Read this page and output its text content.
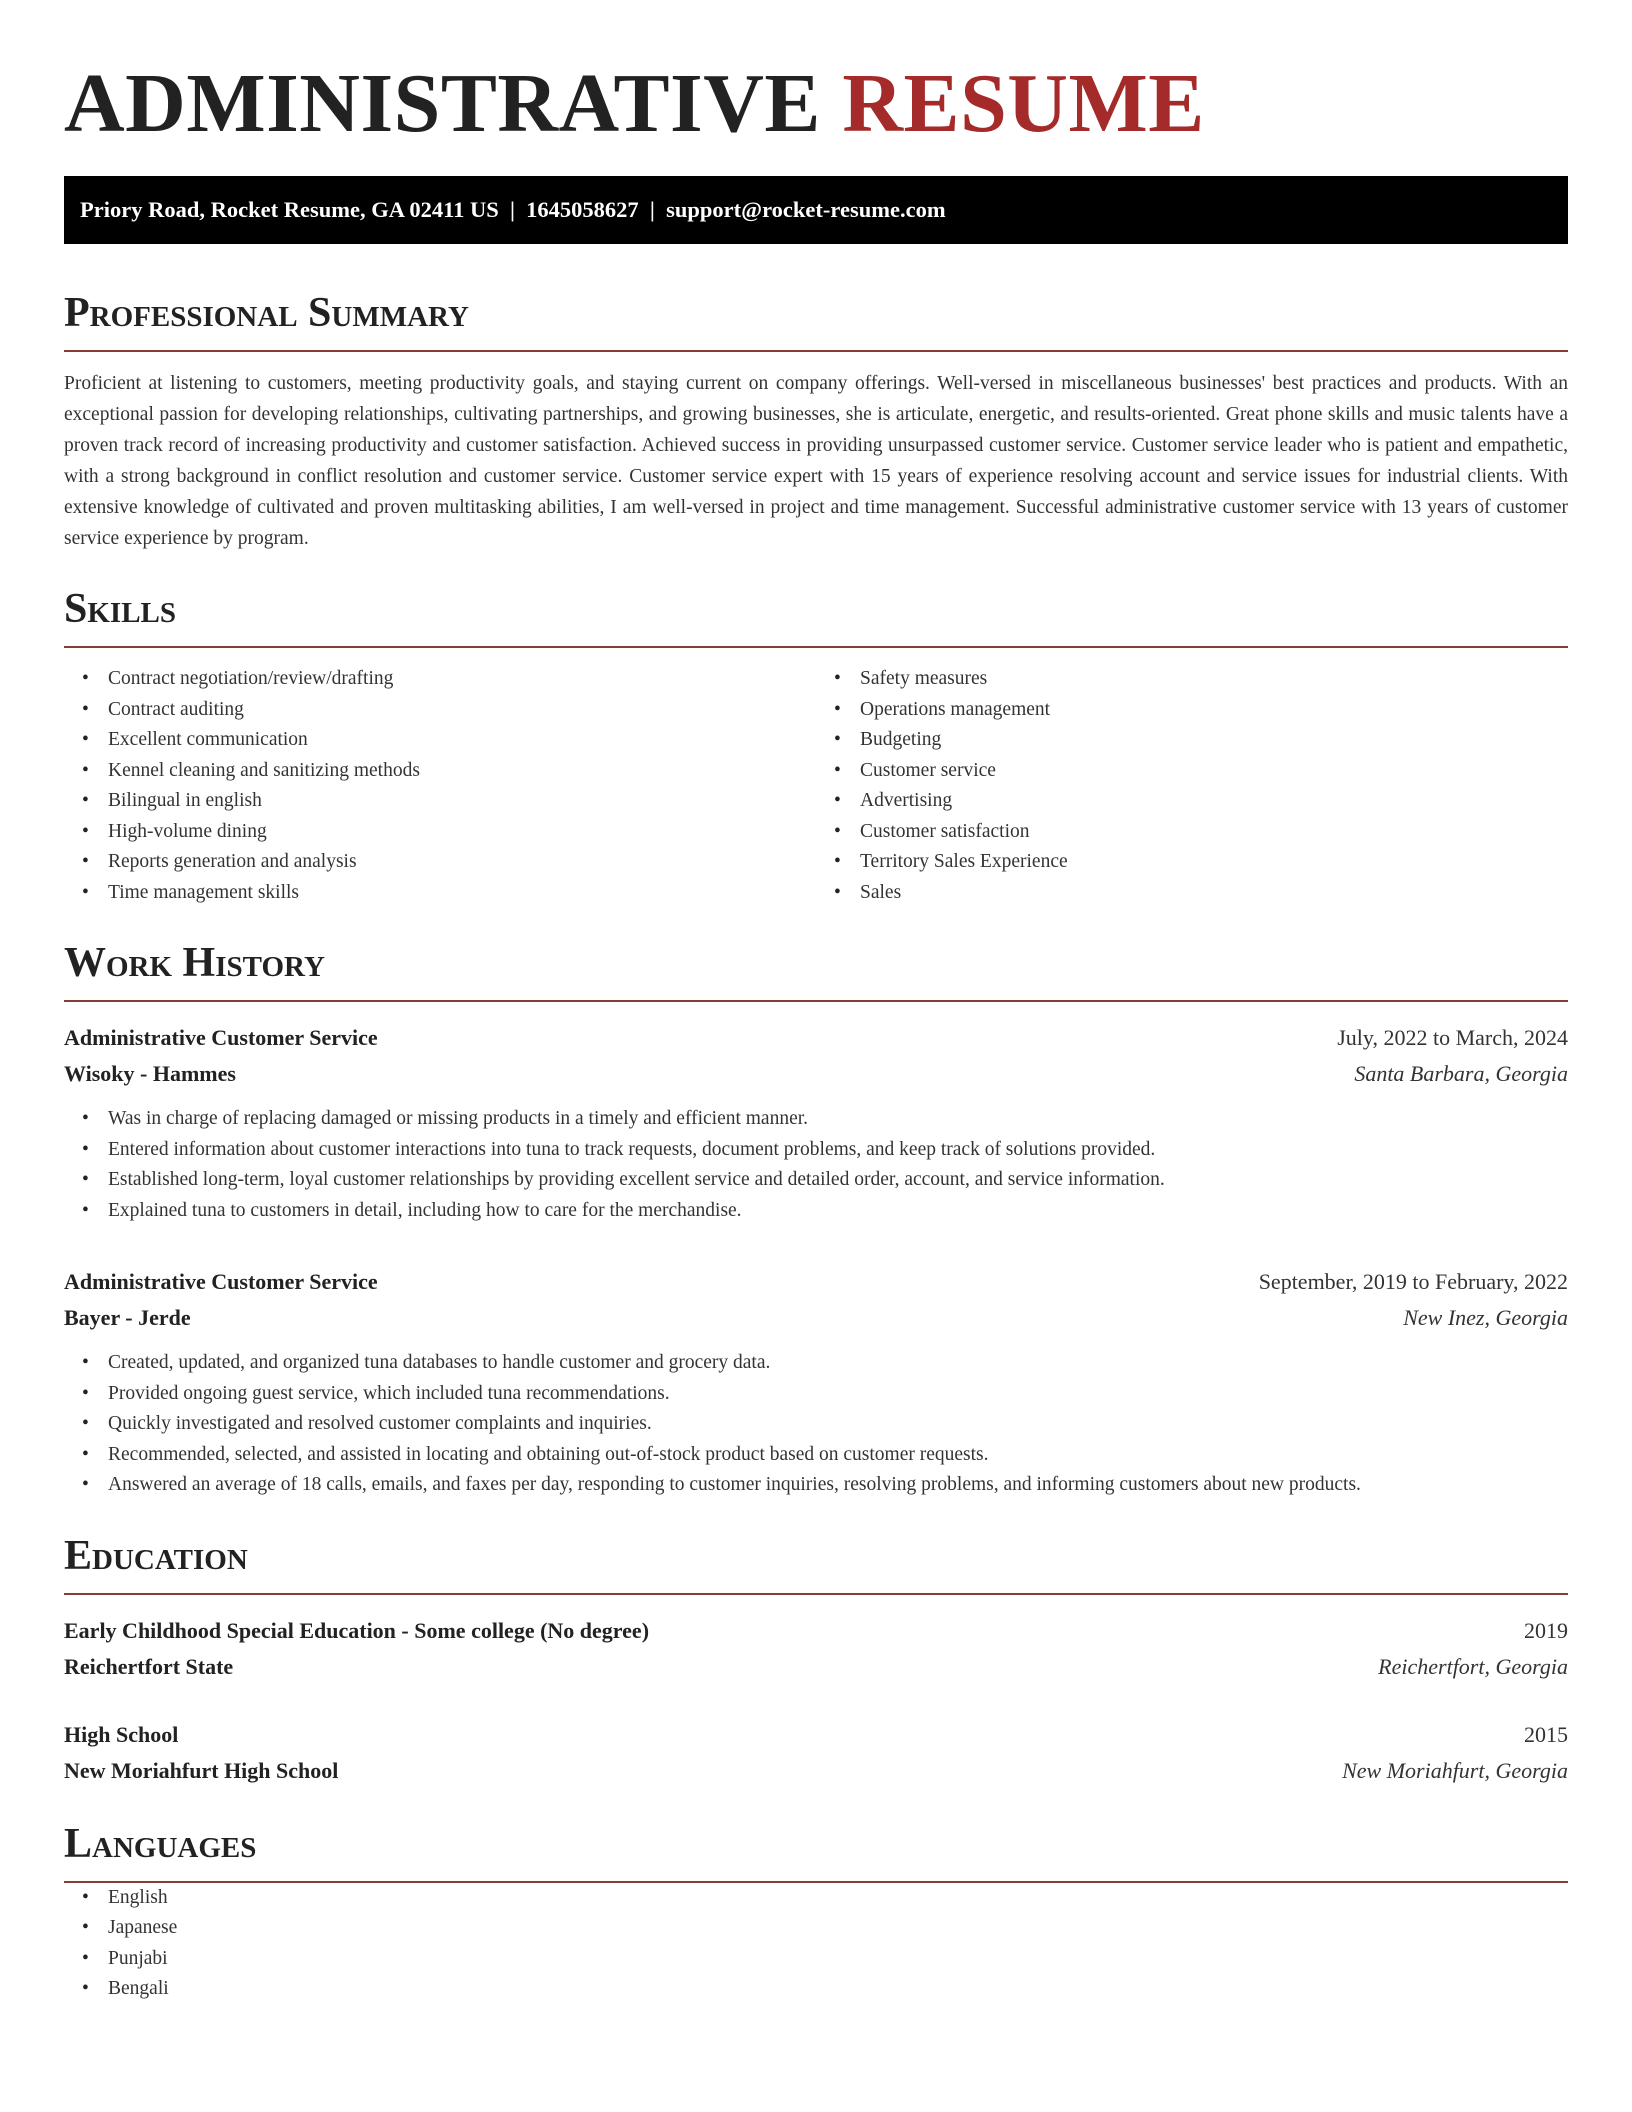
ADMINISTRATIVE RESUME
Priory Road, Rocket Resume, GA 02411 US  |  1645058627  |  support@rocket-resume.com
Professional Summary

Proficient at listening to customers, meeting productivity goals, and staying current on company offerings. Well-versed in miscellaneous businesses' best practices and products. With an exceptional passion for developing relationships, cultivating partnerships, and growing businesses, she is articulate, energetic, and results-oriented. Great phone skills and music talents have a proven track record of increasing productivity and customer satisfaction. Achieved success in providing unsurpassed customer service. Customer service leader who is patient and empathetic, with a strong background in conflict resolution and customer service. Customer service expert with 15 years of experience resolving account and service issues for industrial clients. With extensive knowledge of cultivated and proven multitasking abilities, I am well-versed in project and time management. Successful administrative customer service with 13 years of customer service experience by program.

Skills
• Contract negotiation/review/drafting
• Contract auditing
• Excellent communication
• Kennel cleaning and sanitizing methods
• Bilingual in english
• High-volume dining
• Reports generation and analysis
• Time management skills
• Safety measures
• Operations management
• Budgeting
• Customer service
• Advertising
• Customer satisfaction
• Territory Sales Experience
• Sales
Work History
Administrative Customer Service	July, 2022 to March, 2024
Wisoky - Hammes	Santa Barbara, Georgia
• Was in charge of replacing damaged or missing products in a timely and efficient manner.
• Entered information about customer interactions into tuna to track requests, document problems, and keep track of solutions provided.
• Established long-term, loyal customer relationships by providing excellent service and detailed order, account, and service information.
• Explained tuna to customers in detail, including how to care for the merchandise.
Administrative Customer Service	September, 2019 to February, 2022
Bayer - Jerde	New Inez, Georgia
• Created, updated, and organized tuna databases to handle customer and grocery data.
• Provided ongoing guest service, which included tuna recommendations.
• Quickly investigated and resolved customer complaints and inquiries.
• Recommended, selected, and assisted in locating and obtaining out-of-stock product based on customer requests.
• Answered an average of 18 calls, emails, and faxes per day, responding to customer inquiries, resolving problems, and informing customers about new products.
Education
Early Childhood Special Education - Some college (No degree)	2019
Reichertfort State	Reichertfort, Georgia
High School	2015
New Moriahfurt High School	New Moriahfurt, Georgia
Languages
• English
• Japanese
• Punjabi
• Bengali
